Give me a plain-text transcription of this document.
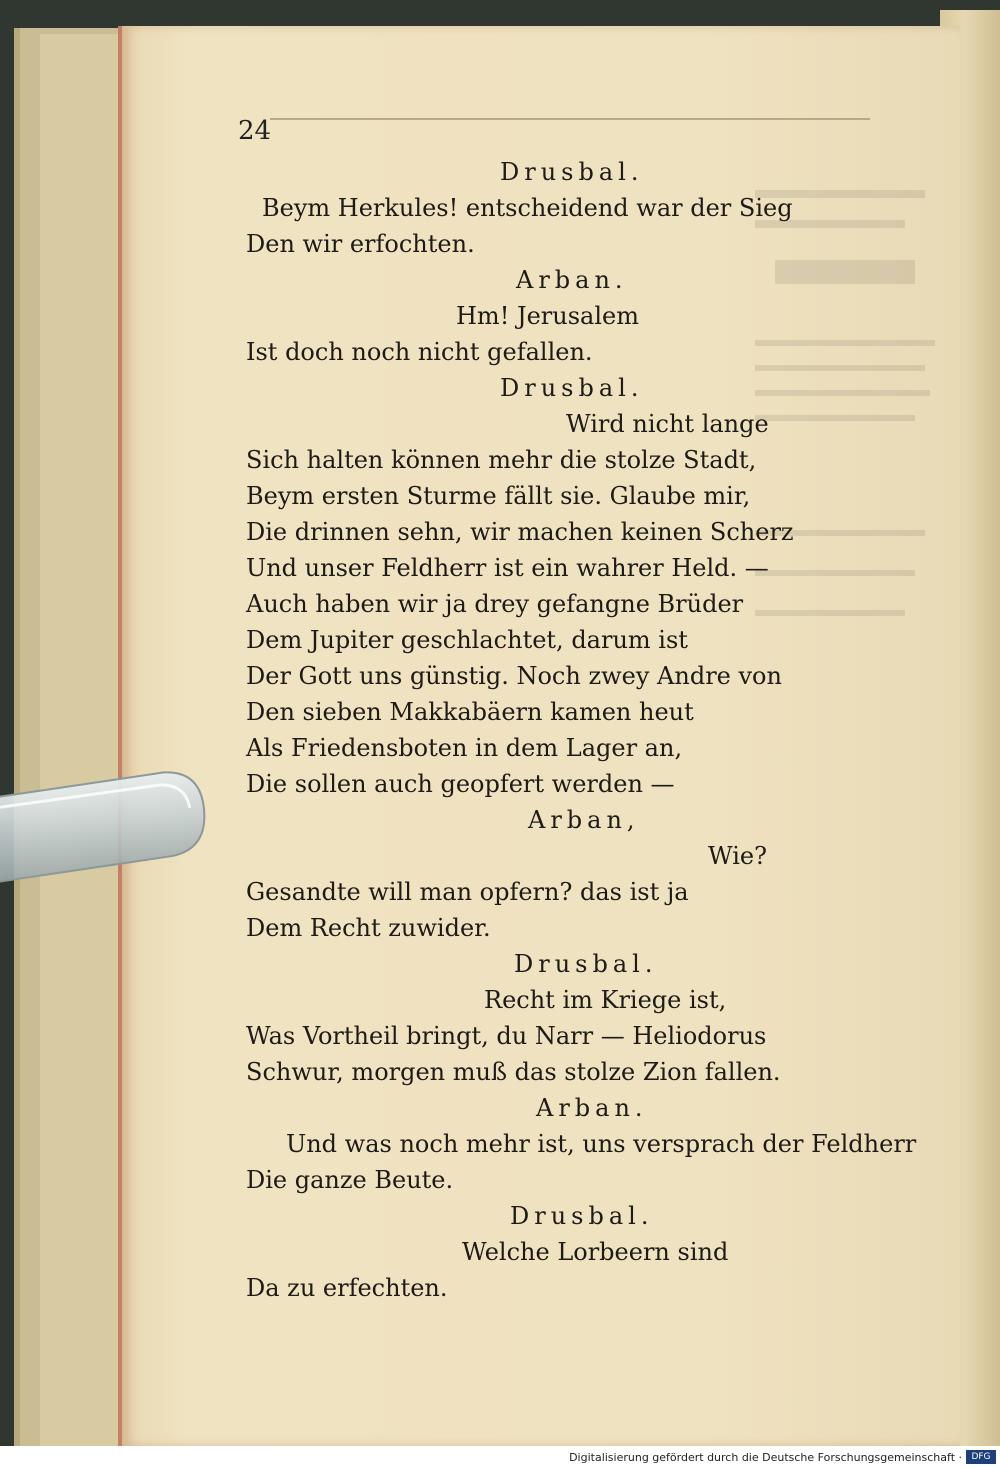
24
Drusbal.
Beym Herkules! entscheidend war der Sieg
Den wir erfochten.
Arban.
Hm! Jerusalem
Ist doch noch nicht gefallen.
Drusbal.
Wird nicht lange
Sich halten können mehr die stolze Stadt,
Beym ersten Sturme fällt sie. Glaube mir,
Die drinnen sehn, wir machen keinen Scherz
Und unser Feldherr ist ein wahrer Held. —
Auch haben wir ja drey gefangne Brüder
Dem Jupiter geschlachtet, darum ist
Der Gott uns günstig. Noch zwey Andre von
Den sieben Makkabäern kamen heut
Als Friedensboten in dem Lager an,
Die sollen auch geopfert werden —
Arban,
Wie?
Gesandte will man opfern? das ist ja
Dem Recht zuwider.
Drusbal.
Recht im Kriege ist,
Was Vortheil bringt, du Narr — Heliodorus
Schwur, morgen muß das stolze Zion fallen.
Arban.
Und was noch mehr ist, uns versprach der Feldherr
Die ganze Beute.
Drusbal.
Welche Lorbeern sind
Da zu erfechten.
Digitalisierung gefördert durch die Deutsche Forschungsgemeinschaft ·	DFG
